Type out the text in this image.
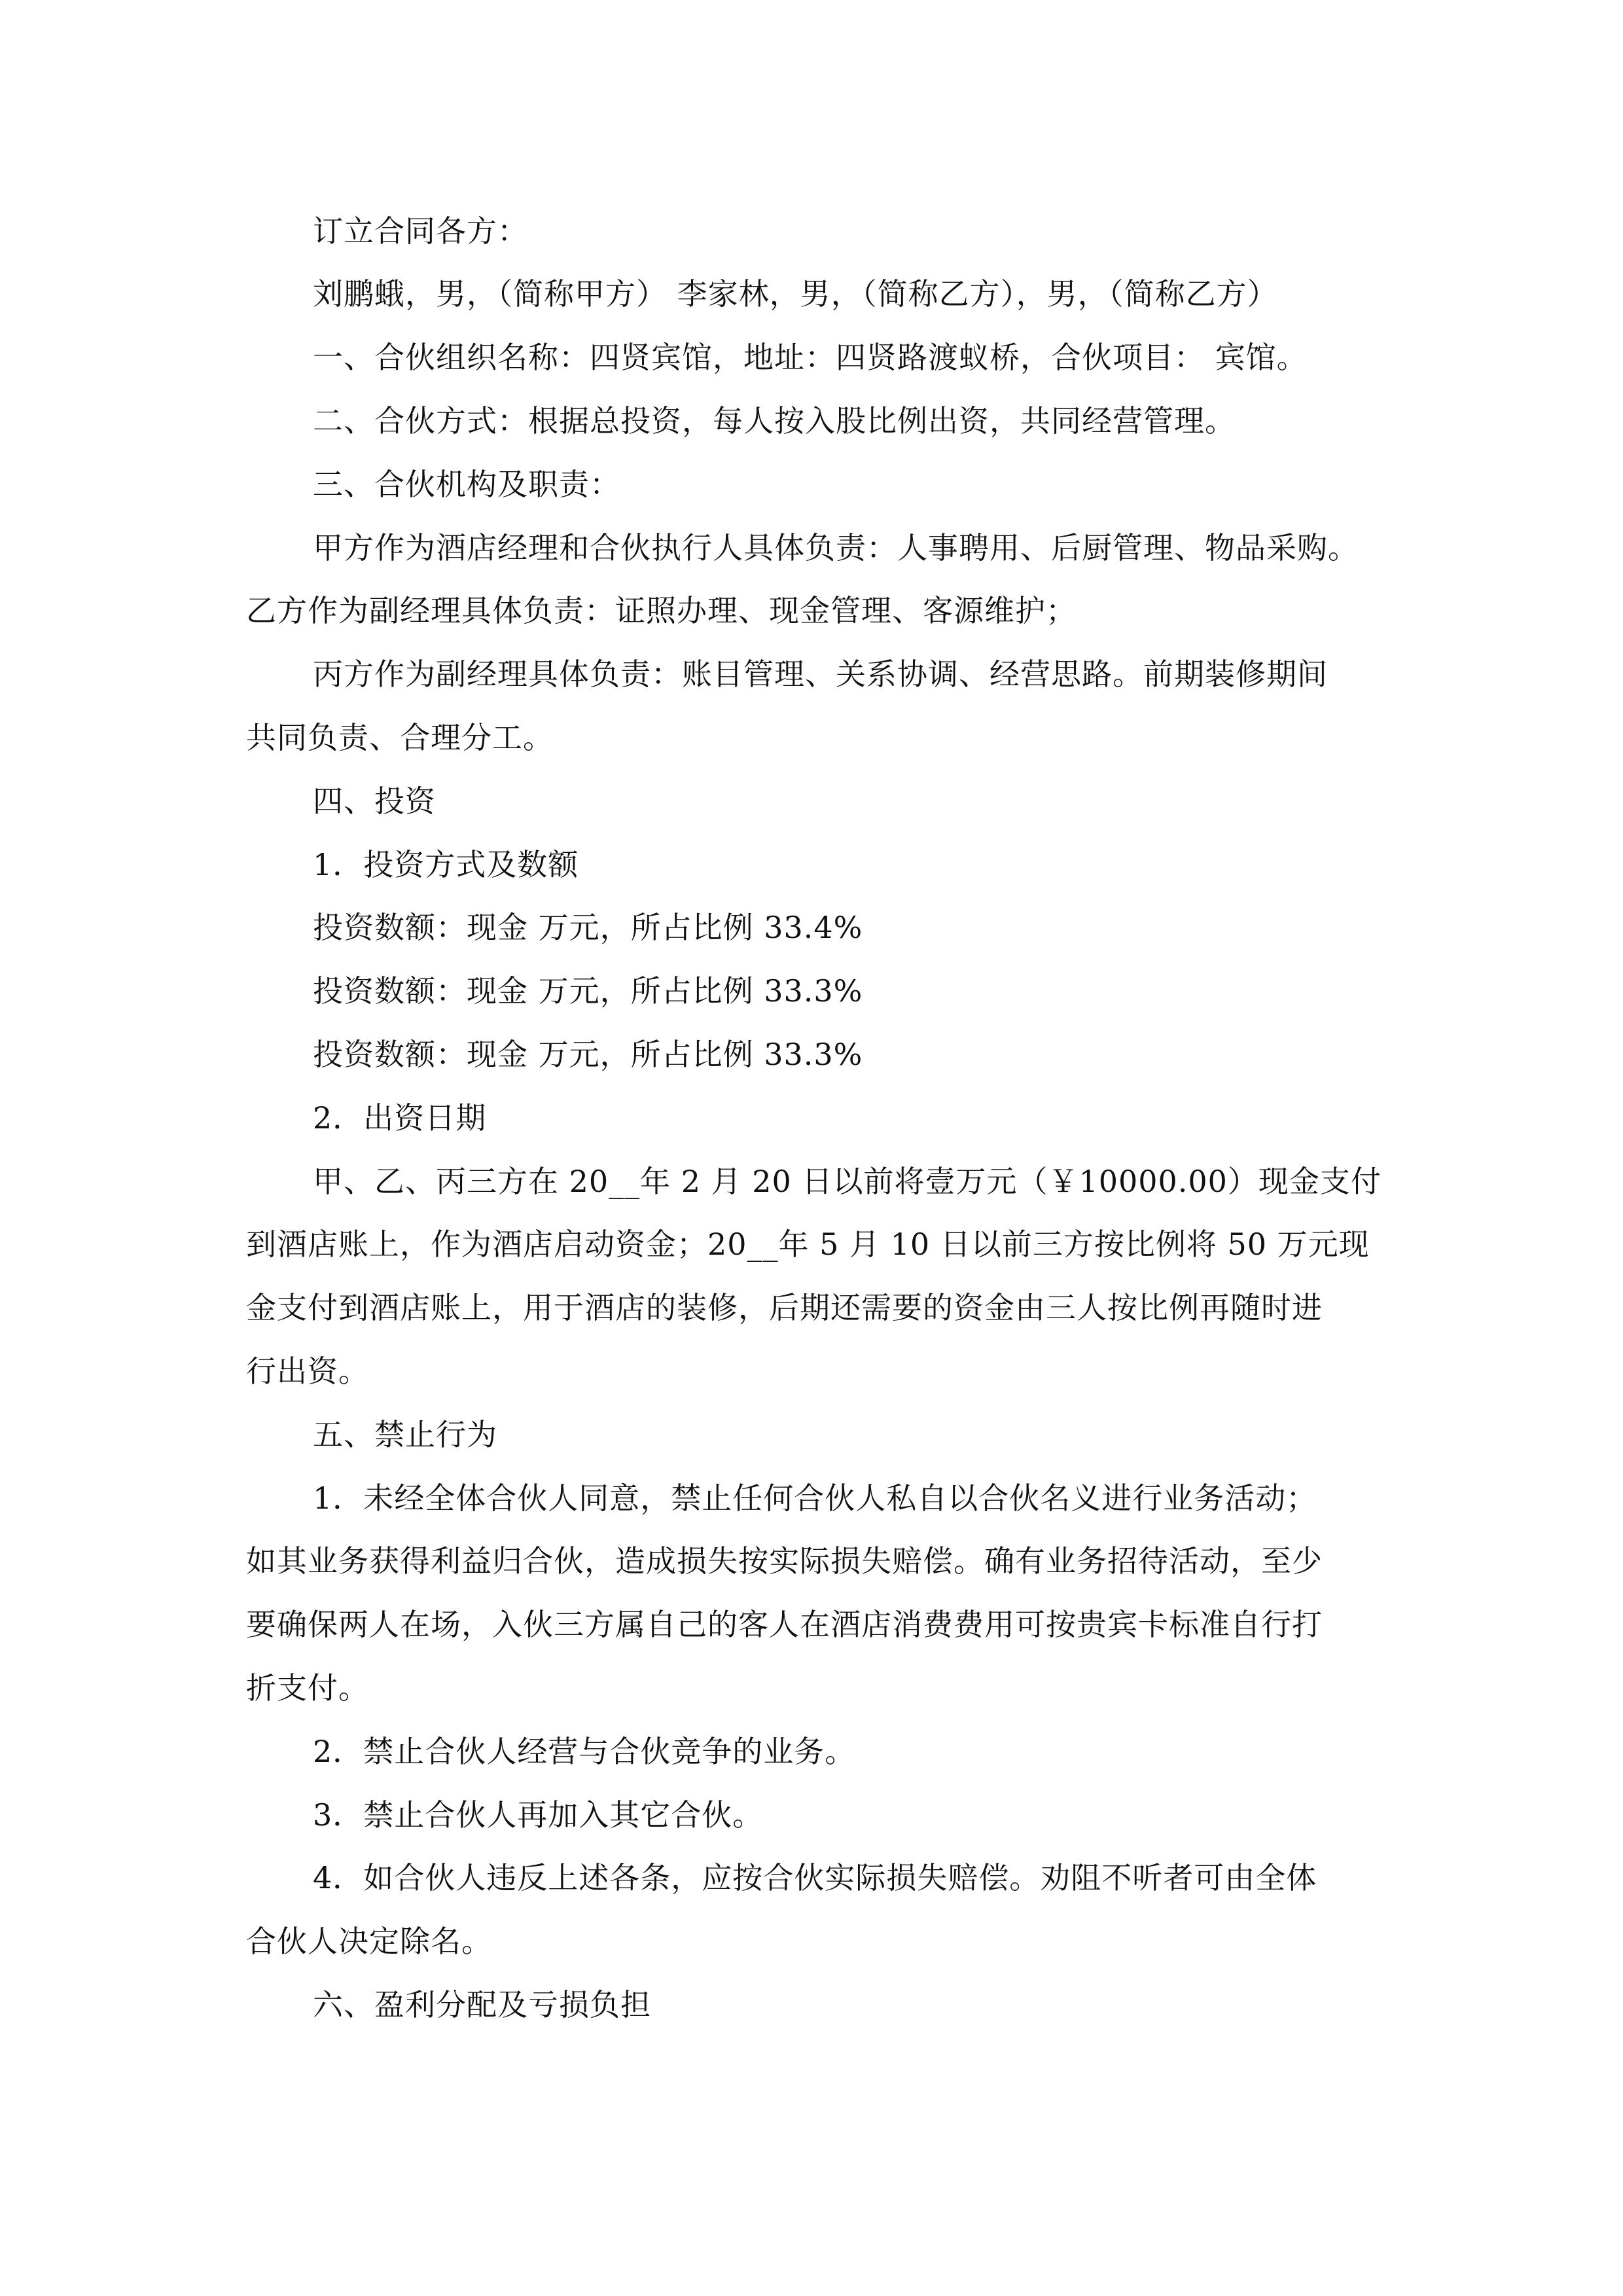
订立合同各方：
刘鹏蛾，男，（简称甲方） 李家林，男，（简称乙方），男，（简称乙方）
一、合伙组织名称：四贤宾馆，地址：四贤路渡蚁桥，合伙项目： 宾馆。
二、合伙方式：根据总投资，每人按入股比例出资，共同经营管理。
三、合伙机构及职责：
甲方作为酒店经理和合伙执行人具体负责：人事聘用、后厨管理、物品采购。
乙方作为副经理具体负责：证照办理、现金管理、客源维护；
丙方作为副经理具体负责：账目管理、关系协调、经营思路。前期装修期间
共同负责、合理分工。
四、投资
1．投资方式及数额
投资数额：现金 万元，所占比例 33.4%
投资数额：现金 万元，所占比例 33.3%
投资数额：现金 万元，所占比例 33.3%
2．出资日期
甲、乙、丙三方在 20__年 2 月 20 日以前将壹万元（￥10000.00）现金支付
到酒店账上，作为酒店启动资金；20__年 5 月 10 日以前三方按比例将 50 万元现
金支付到酒店账上，用于酒店的装修，后期还需要的资金由三人按比例再随时进
行出资。
五、禁止行为
1．未经全体合伙人同意，禁止任何合伙人私自以合伙名义进行业务活动；
如其业务获得利益归合伙，造成损失按实际损失赔偿。确有业务招待活动，至少
要确保两人在场，入伙三方属自己的客人在酒店消费费用可按贵宾卡标准自行打
折支付。
2．禁止合伙人经营与合伙竞争的业务。
3．禁止合伙人再加入其它合伙。
4．如合伙人违反上述各条，应按合伙实际损失赔偿。劝阻不听者可由全体
合伙人决定除名。
六、盈利分配及亏损负担
